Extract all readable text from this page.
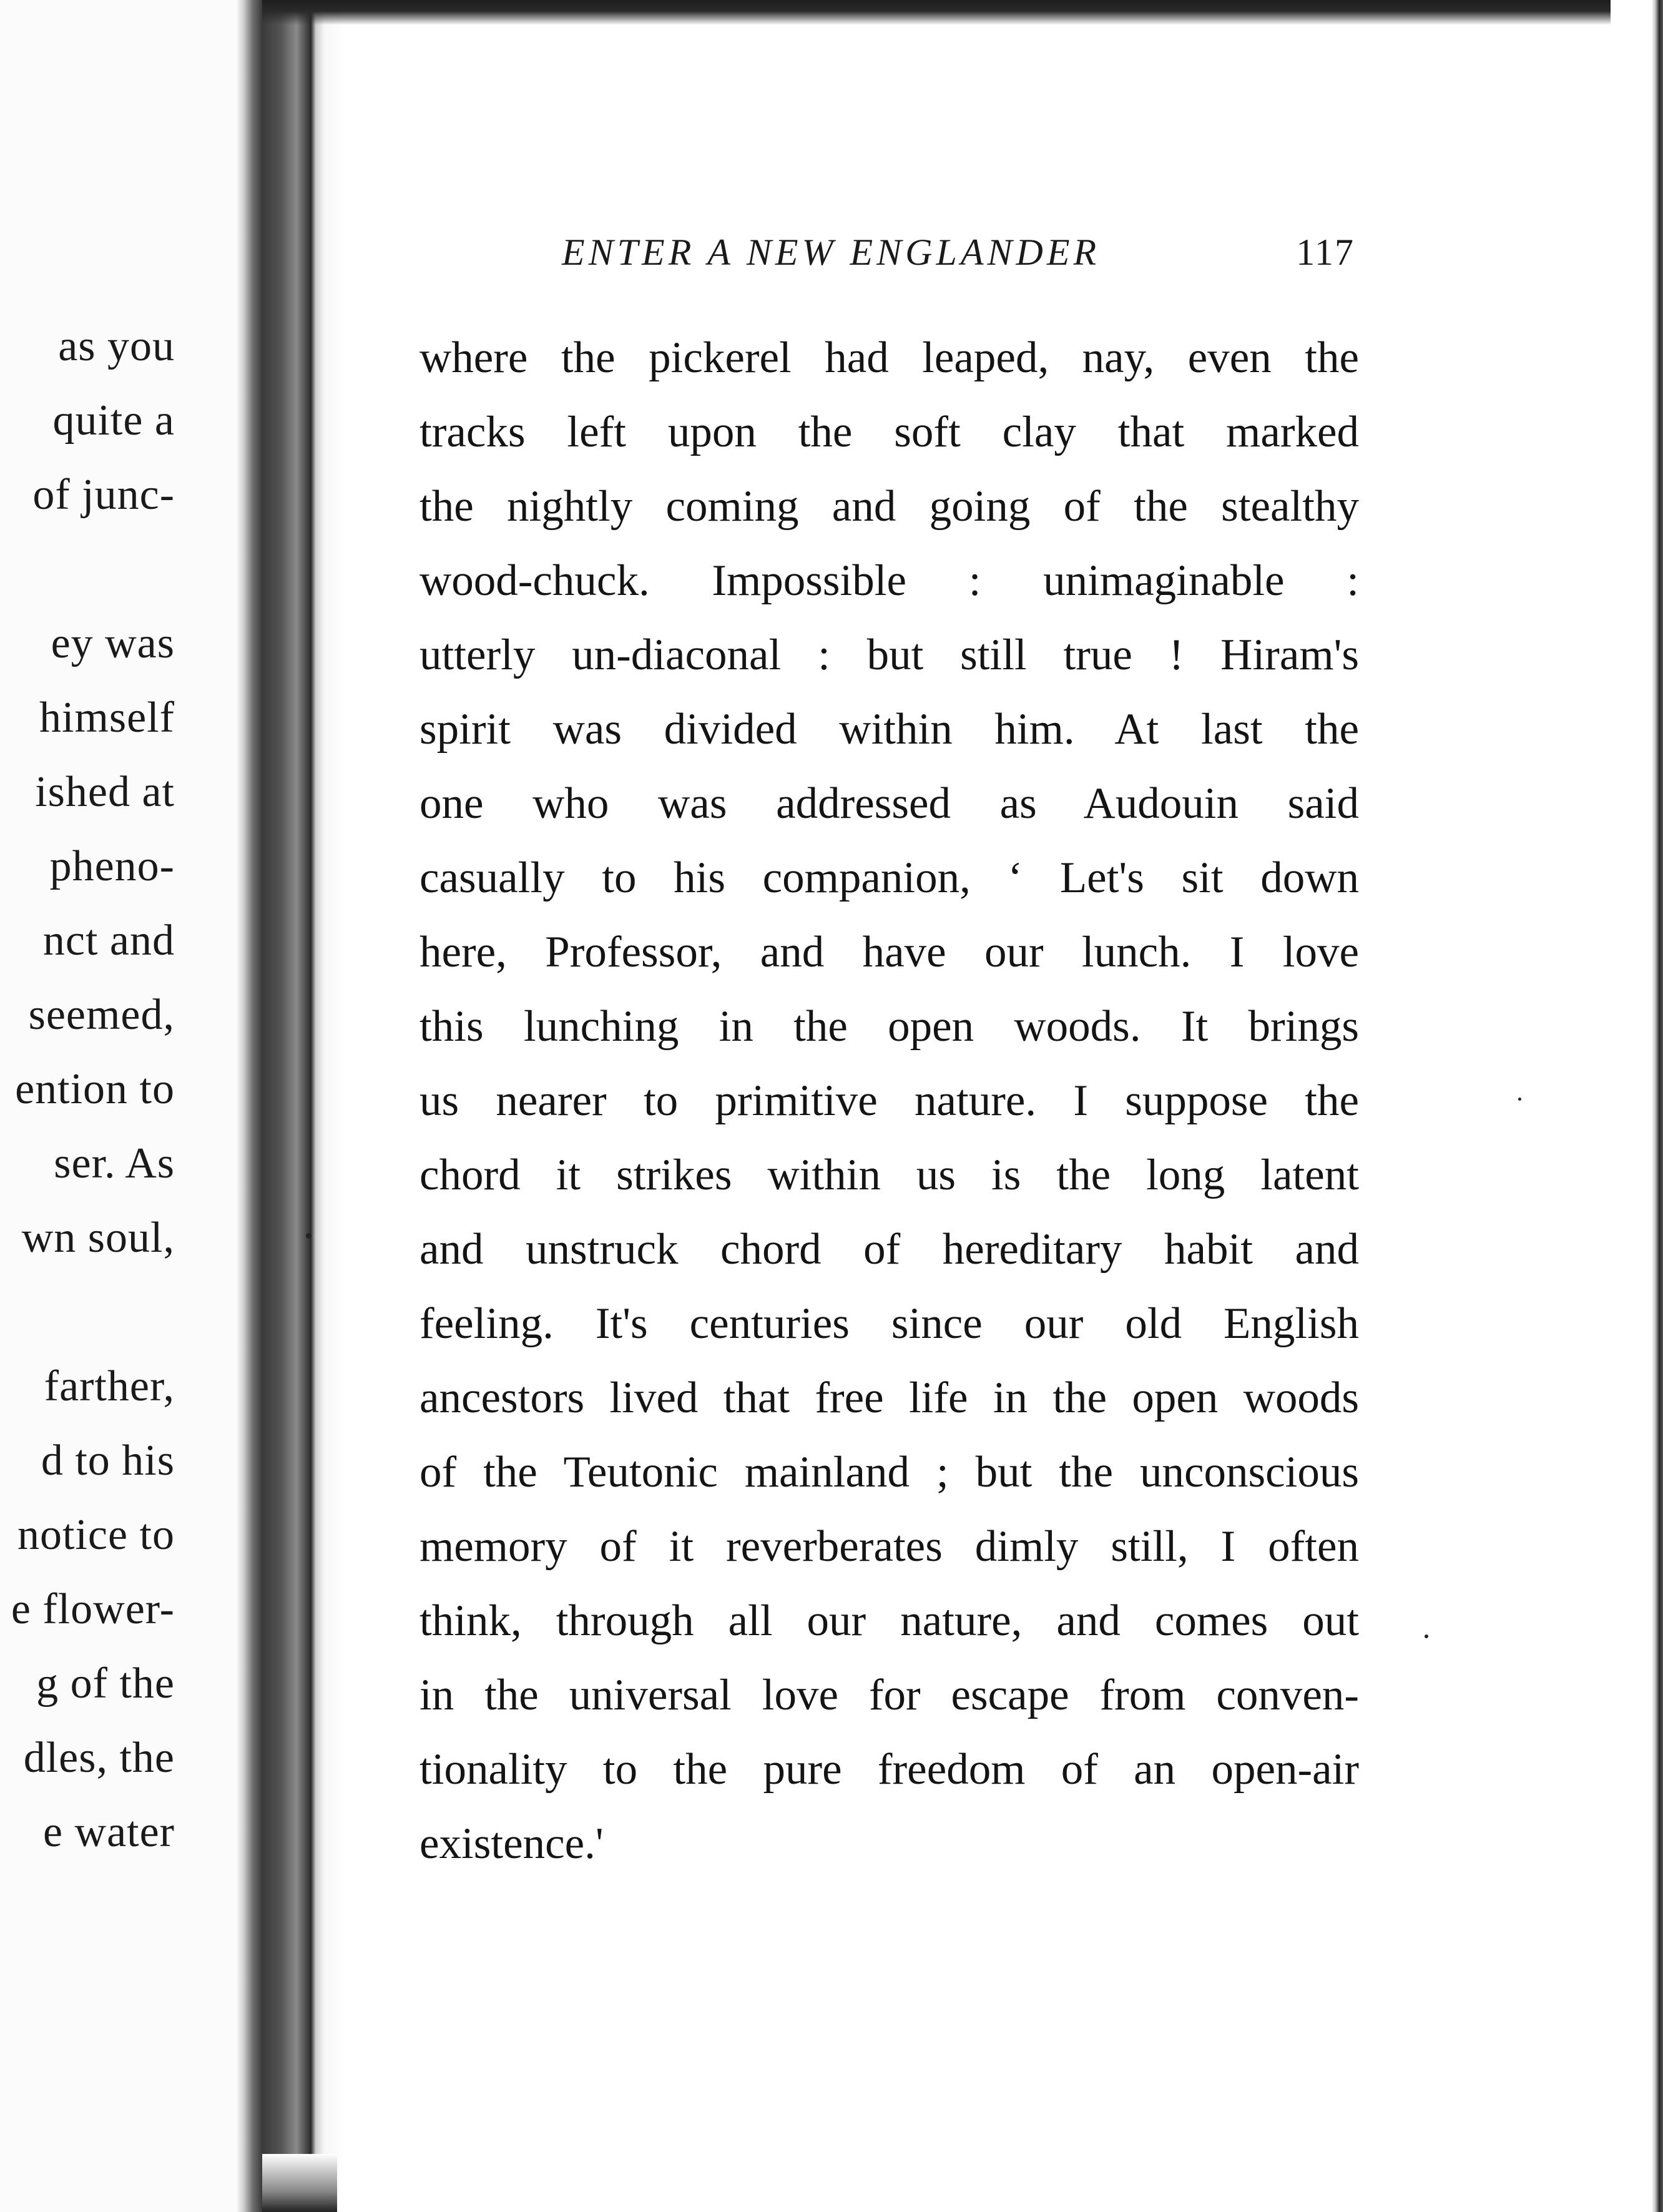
as you
quite a
of junc-
ey was
himself
ished at
pheno-
nct and
seemed,
ention to
ser. As
wn soul,
farther,
d to his
notice to
e flower-
g of the
dles, the
e water
ENTER A NEW ENGLANDER	117
where the pickerel had leaped, nay, even the
tracks left upon the soft clay that marked
the nightly coming and going of the stealthy
wood-chuck. Impossible : unimaginable :
utterly un-diaconal : but still true ! Hiram's
spirit was divided within him. At last the
one who was addressed as Audouin said
casually to his companion, ‘ Let's sit down
here, Professor, and have our lunch. I love
this lunching in the open woods. It brings
us nearer to primitive nature. I suppose the
chord it strikes within us is the long latent
and unstruck chord of hereditary habit and
feeling. It's centuries since our old English
ancestors lived that free life in the open woods
of the Teutonic mainland ; but the unconscious
memory of it reverberates dimly still, I often
think, through all our nature, and comes out
in the universal love for escape from conven-
tionality to the pure freedom of an open-air
existence.'
